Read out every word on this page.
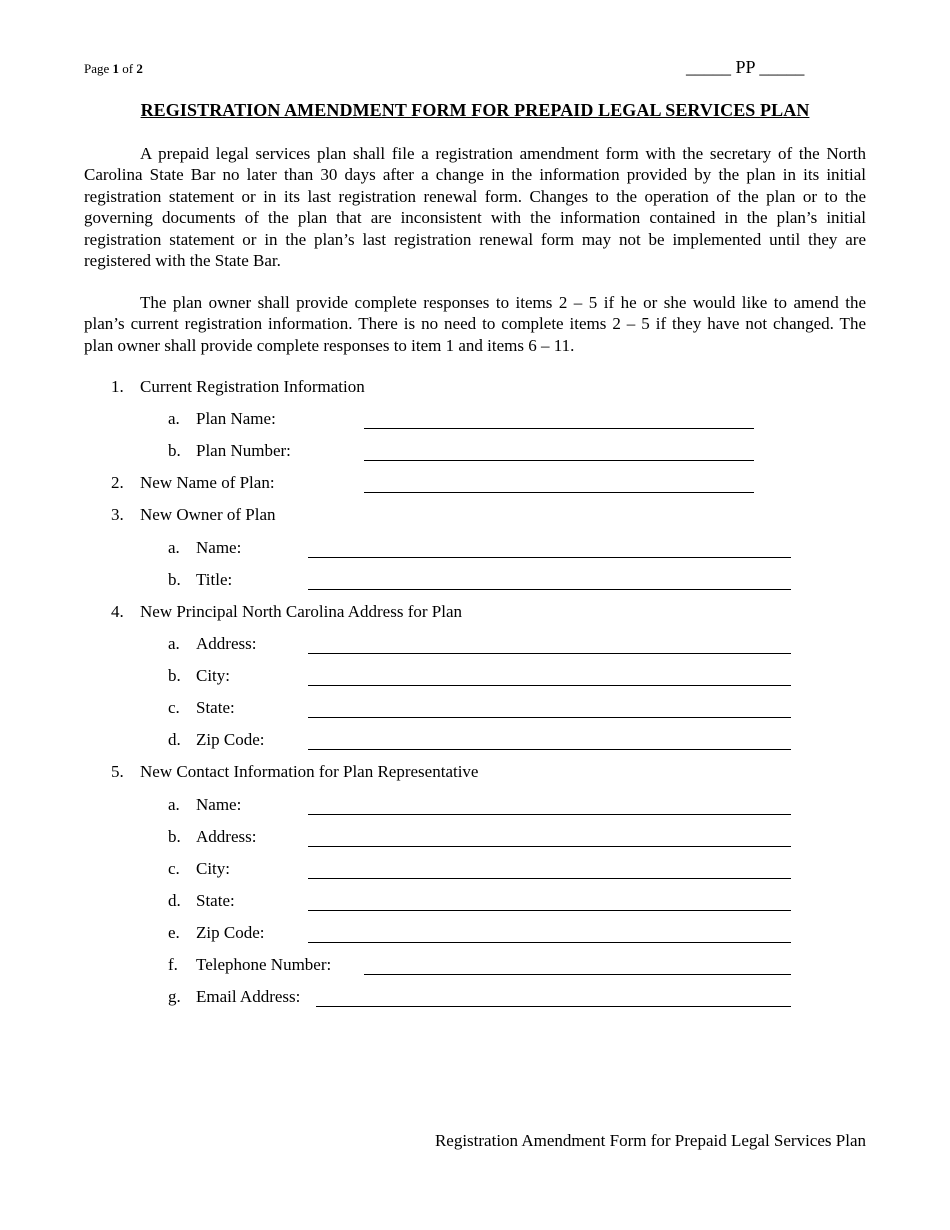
Page 1 of 2	_____ PP _____
REGISTRATION AMENDMENT FORM FOR PREPAID LEGAL SERVICES PLAN

A prepaid legal services plan shall file a registration amendment form with the secretary of the North Carolina State Bar no later than 30 days after a change in the information provided by the plan in its initial registration statement or in its last registration renewal form. Changes to the operation of the plan or to the governing documents of the plan that are inconsistent with the information contained in the plan’s initial registration statement or in the plan’s last registration renewal form may not be implemented until they are registered with the State Bar.

The plan owner shall provide complete responses to items 2 – 5 if he or she would like to amend the plan’s current registration information. There is no need to complete items 2 – 5 if they have not changed. The plan owner shall provide complete responses to item 1 and items 6 – 11.

1. Current Registration Information
a. Plan Name:
b. Plan Number:
2. New Name of Plan:
3. New Owner of Plan
a. Name:
b. Title:
4. New Principal North Carolina Address for Plan
a. Address:
b. City:
c. State:
d. Zip Code:
5. New Contact Information for Plan Representative
a. Name:
b. Address:
c. City:
d. State:
e. Zip Code:
f. Telephone Number:
g. Email Address:
Registration Amendment Form for Prepaid Legal Services Plan
